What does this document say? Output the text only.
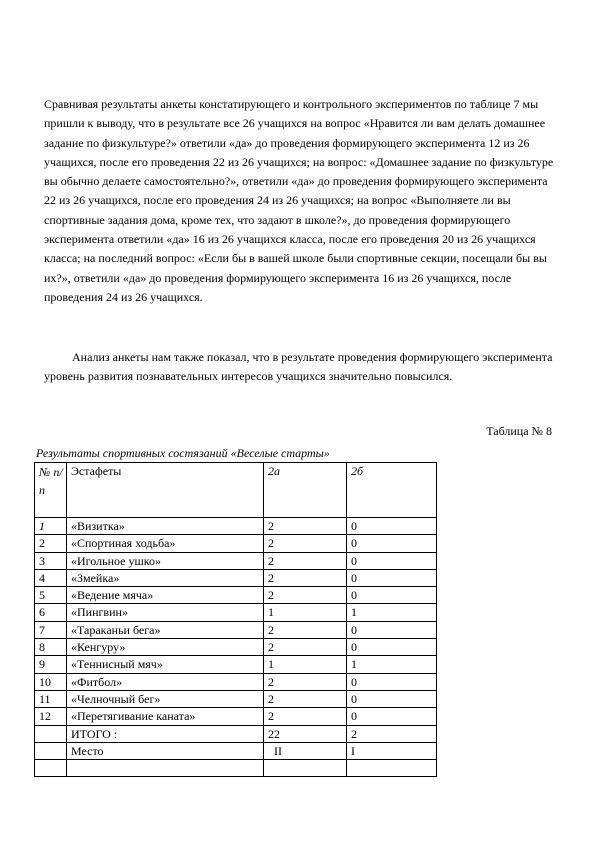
Сравнивая результаты анкеты констатирующего и контрольного экспериментов по таблице 7 мы пришли к выводу, что в результате все 26 учащихся на вопрос «Нравится ли вам делать домашнее задание по физкультуре?» ответили «да» до проведения формирующего эксперимента 12 из 26 учащихся, после его проведения 22 из 26 учащихся; на вопрос: «Домашнее задание по физкультуре вы обычно делаете самостоятельно?», ответили «да» до проведения формирующего эксперимента 22 из 26 учащихся, после его проведения 24 из 26 учащихся; на вопрос «Выполняете ли вы спортивные задания дома, кроме тех, что задают в школе?», до проведения формирующего эксперимента ответили «да» 16 из 26 учащихся класса, после его проведения 20 из 26 учащихся класса; на последний вопрос: «Если бы в вашей школе были спортивные секции, посещали бы вы их?», ответили «да» до проведения формирующего эксперимента 16 из 26 учащихся, после проведения 24 из 26 учащихся.

Анализ анкеты нам также показал, что в результате проведения формирующего эксперимента уровень развития познавательных интересов учащихся значительно повысился.

Таблица № 8
Результаты спортивных состязаний «Веселые старты»
№ п/ п	Эстафеты	2а	2б
1	«Визитка»	2	0
2	«Спортиная ходьба»	2	0
3	«Игольное ушко»	2	0
4	«Змейка»	2	0
5	«Ведение мяча»	2	0
6	«Пингвин»	1	1
7	«Тараканьи бега»	2	0
8	«Кенгуру»	2	0
9	«Теннисный мяч»	1	1
10	«Фитбол»	2	0
11	«Челночный бег»	2	0
12	«Перетягивание каната»	2	0
	ИТОГО :	22	2
	Место	II	I
